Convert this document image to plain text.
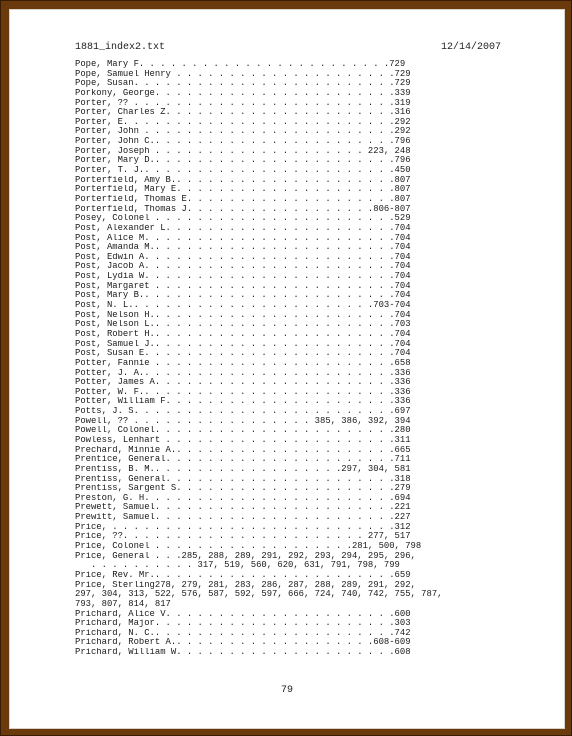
1881_index2.txt	12/14/2007
Pope, Mary F. . . . . . . . . . . . . . . . . . . . . . . .729
Pope, Samuel Henry . . . . . . . . . . . . . . . . . . . . .729
Pope, Susan. . . . . . . . . . . . . . . . . . . . . . . . .729
Porkony, George. . . . . . . . . . . . . . . . . . . . . . .339
Porter, ?? . . . . . . . . . . . . . . . . . . . . . . . . .319
Porter, Charles Z. . . . . . . . . . . . . . . . . . . . . .316
Porter, E. . . . . . . . . . . . . . . . . . . . . . . . . .292
Porter, John . . . . . . . . . . . . . . . . . . . . . . . .292
Porter, John C.. . . . . . . . . . . . . . . . . . . . . . .796
Porter, Joseph . . . . . . . . . . . . . . . . . . . . 223, 248
Porter, Mary D.. . . . . . . . . . . . . . . . . . . . . . .796
Porter, T. J.. . . . . . . . . . . . . . . . . . . . . . . .450
Porterfield, Amy B.. . . . . . . . . . . . . . . . . . . . .807
Porterfield, Mary E. . . . . . . . . . . . . . . . . . . . .807
Porterfield, Thomas E. . . . . . . . . . . . . . . . . . . .807
Porterfield, Thomas J. . . . . . . . . . . . . . . . . .806-807
Posey, Colonel . . . . . . . . . . . . . . . . . . . . . . .529
Post, Alexander L. . . . . . . . . . . . . . . . . . . . . .704
Post, Alice M. . . . . . . . . . . . . . . . . . . . . . . .704
Post, Amanda M.. . . . . . . . . . . . . . . . . . . . . . .704
Post, Edwin A. . . . . . . . . . . . . . . . . . . . . . . .704
Post, Jacob A. . . . . . . . . . . . . . . . . . . . . . . .704
Post, Lydia W. . . . . . . . . . . . . . . . . . . . . . . .704
Post, Margaret . . . . . . . . . . . . . . . . . . . . . . .704
Post, Mary B.. . . . . . . . . . . . . . . . . . . . . . . .704
Post, N. L.. . . . . . . . . . . . . . . . . . . . . . .703-704
Post, Nelson H.. . . . . . . . . . . . . . . . . . . . . . .704
Post, Nelson L.. . . . . . . . . . . . . . . . . . . . . . .703
Post, Robert H.. . . . . . . . . . . . . . . . . . . . . . .704
Post, Samuel J.. . . . . . . . . . . . . . . . . . . . . . .704
Post, Susan E. . . . . . . . . . . . . . . . . . . . . . . .704
Potter, Fannie . . . . . . . . . . . . . . . . . . . . . . .658
Potter, J. A.. . . . . . . . . . . . . . . . . . . . . . . .336
Potter, James A. . . . . . . . . . . . . . . . . . . . . . .336
Potter, W. F.. . . . . . . . . . . . . . . . . . . . . . . .336
Potter, William F. . . . . . . . . . . . . . . . . . . . . .336
Potts, J. S. . . . . . . . . . . . . . . . . . . . . . . . .697
Powell, ?? . . . . . . . . . . . . . . . . . 385, 386, 392, 394
Powell, Colonel. . . . . . . . . . . . . . . . . . . . . . .280
Powless, Lenhart . . . . . . . . . . . . . . . . . . . . . .311
Prechard, Minnie A.. . . . . . . . . . . . . . . . . . . . .665
Prentice, General. . . . . . . . . . . . . . . . . . . . . .711
Prentiss, B. M.. . . . . . . . . . . . . . . . . .297, 304, 581
Prentiss, General. . . . . . . . . . . . . . . . . . . . . .318
Prentiss, Sargent S. . . . . . . . . . . . . . . . . . . . .279
Preston, G. H. . . . . . . . . . . . . . . . . . . . . . . .694
Prewett, Samuel. . . . . . . . . . . . . . . . . . . . . . .221
Prewitt, Samuel. . . . . . . . . . . . . . . . . . . . . . .227
Price, . . . . . . . . . . . . . . . . . . . . . . . . . . .312
Price, ??. . . . . . . . . . . . . . . . . . . . . . . 277, 517
Price, Colonel . . . . . . . . . . . . . . . . . . .281, 500, 798
Price, General . . .285, 288, 289, 291, 292, 293, 294, 295, 296,
. . . . . . . . . . 317, 519, 560, 620, 631, 791, 798, 799
Price, Rev. Mr.. . . . . . . . . . . . . . . . . . . . . . .659
Price, Sterling278, 279, 281, 283, 286, 287, 288, 289, 291, 292,
297, 304, 313, 522, 576, 587, 592, 597, 666, 724, 740, 742, 755, 787,
793, 807, 814, 817
Prichard, Alice V. . . . . . . . . . . . . . . . . . . . . .600
Prichard, Major. . . . . . . . . . . . . . . . . . . . . . .303
Prichard, N. C.. . . . . . . . . . . . . . . . . . . . . . .742
Prichard, Robert A.. . . . . . . . . . . . . . . . . . .608-609
Prichard, William W. . . . . . . . . . . . . . . . . . . . .608
79
